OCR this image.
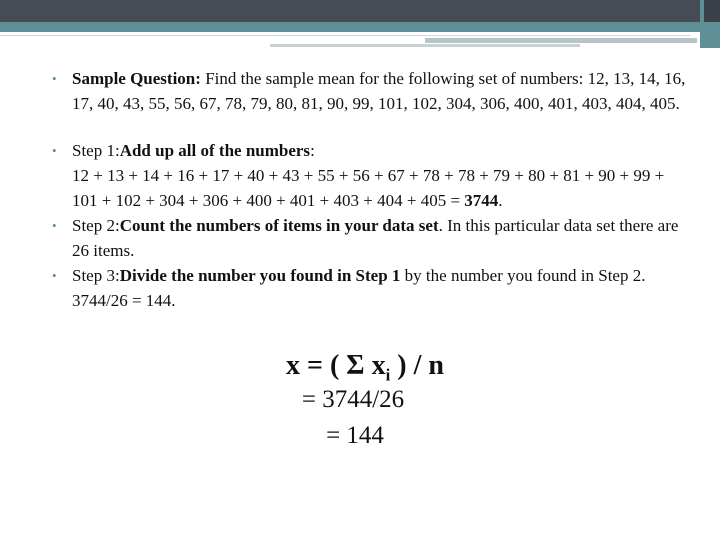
• Sample Question: Find the sample mean for the following set of numbers: 12, 13, 14, 16, 17, 40, 43, 55, 56, 67, 78, 79, 80, 81, 90, 99, 101, 102, 304, 306, 400, 401, 403, 404, 405.
• Step 1:Add up all of the numbers:
12 + 13 + 14 + 16 + 17 + 40 + 43 + 55 + 56 + 67 + 78 + 78 + 79 + 80 + 81 + 90 + 99 + 101 + 102 + 304 + 306 + 400 + 401 + 403 + 404 + 405 = 3744.
• Step 2:Count the numbers of items in your data set. In this particular data set there are 26 items.
• Step 3:Divide the number you found in Step 1 by the number you found in Step 2. 3744/26 = 144.
x = ( Σ $x_i$ ) / n
= 3744/26
= 144
